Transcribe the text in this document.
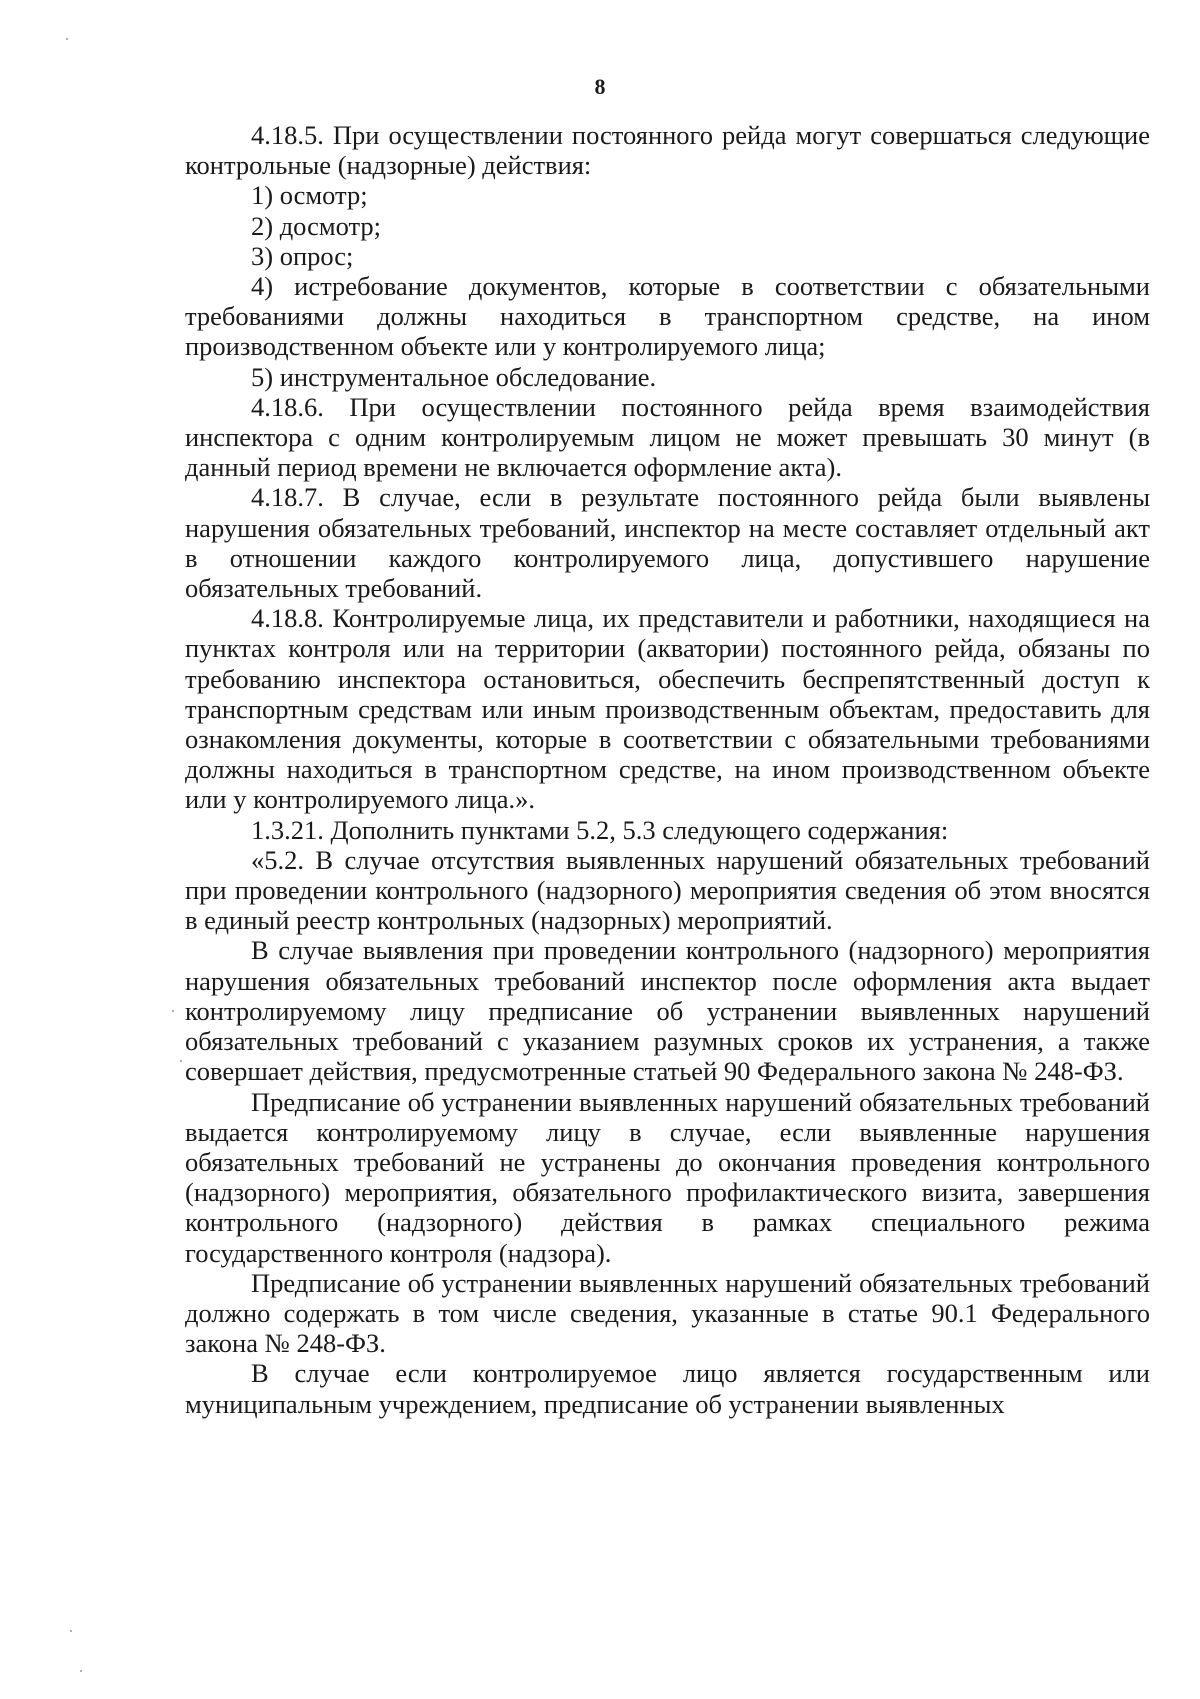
8

4.18.5. При осуществлении постоянного рейда могут совершаться следующие контрольные (надзорные) действия:

1) осмотр;

2) досмотр;

3) опрос;

4) истребование документов, которые в соответствии с обязательными требованиями должны находиться в транспортном средстве, на ином производственном объекте или у контролируемого лица;

5) инструментальное обследование.

4.18.6. При осуществлении постоянного рейда время взаимодействия инспектора с одним контролируемым лицом не может превышать 30 минут (в данный период времени не включается оформление акта).

4.18.7. В случае, если в результате постоянного рейда были выявлены нарушения обязательных требований, инспектор на месте составляет отдельный акт в отношении каждого контролируемого лица, допустившего нарушение обязательных требований.

4.18.8. Контролируемые лица, их представители и работники, находящиеся на пунктах контроля или на территории (акватории) постоянного рейда, обязаны по требованию инспектора остановиться, обеспечить беспрепятственный доступ к транспортным средствам или иным производственным объектам, предоставить для ознакомления документы, которые в соответствии с обязательными требованиями должны находиться в транспортном средстве, на ином производственном объекте или у контролируемого лица.».

1.3.21. Дополнить пунктами 5.2, 5.3 следующего содержания:

«5.2. В случае отсутствия выявленных нарушений обязательных требований при проведении контрольного (надзорного) мероприятия сведения об этом вносятся в единый реестр контрольных (надзорных) мероприятий.

В случае выявления при проведении контрольного (надзорного) мероприятия нарушения обязательных требований инспектор после оформления акта выдает контролируемому лицу предписание об устранении выявленных нарушений обязательных требований с указанием разумных сроков их устранения, а также совершает действия, предусмотренные статьей 90 Федерального закона № 248-ФЗ.

Предписание об устранении выявленных нарушений обязательных требований выдается контролируемому лицу в случае, если выявленные нарушения обязательных требований не устранены до окончания проведения контрольного (надзорного) мероприятия, обязательного профилактического визита, завершения контрольного (надзорного) действия в рамках специального режима государственного контроля (надзора).

Предписание об устранении выявленных нарушений обязательных требований должно содержать в том числе сведения, указанные в статье 90.1 Федерального закона № 248-ФЗ.

В случае если контролируемое лицо является государственным или муниципальным учреждением, предписание об устранении выявленных
